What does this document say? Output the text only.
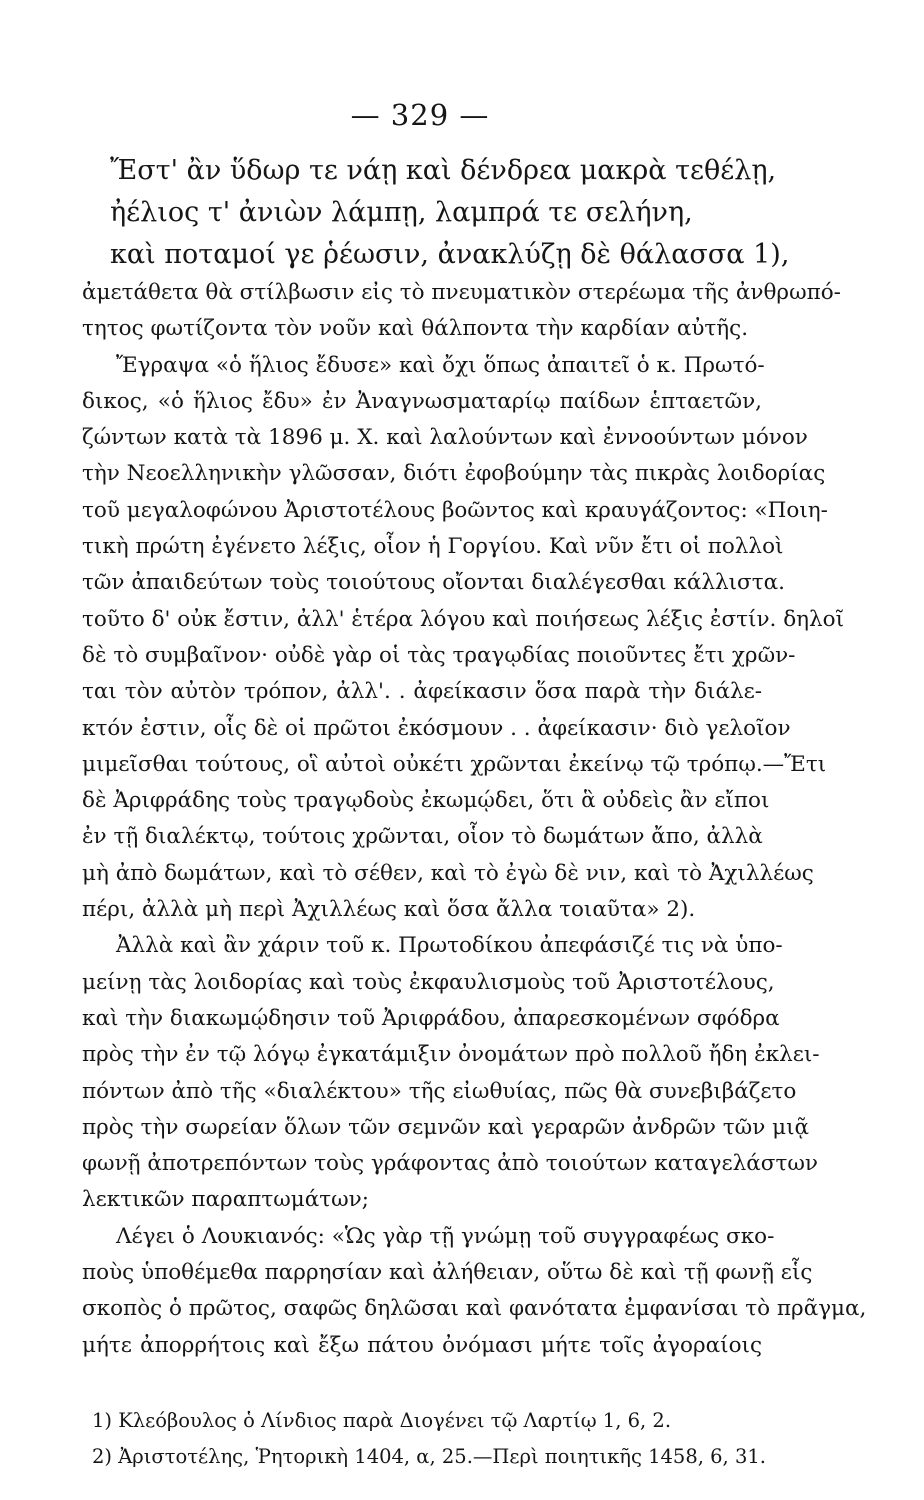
— 329 —
Ἔστ' ἂν ὕδωρ τε νάῃ καὶ δένδρεα μακρὰ τεθέλῃ,
ἠέλιος τ' ἀνιὼν λάμπῃ, λαμπρά τε σελήνη,
καὶ ποταμοί γε ῥέωσιν, ἀνακλύζῃ δὲ θάλασσα 1),
ἀμετάθετα θὰ στίλβωσιν εἰς τὸ πνευματικὸν στερέωμα τῆς ἀνθρωπό-
τητος φωτίζοντα τὸν νοῦν καὶ θάλποντα τὴν καρδίαν αὐτῆς.
Ἔγραψα «ὁ ἥλιος ἔδυσε» καὶ ὄχι ὅπως ἀπαιτεῖ ὁ κ. Πρωτό-
δικος, «ὁ ἥλιος ἔδυ» ἐν Ἀναγνωσματαρίῳ παίδων ἑπταετῶν,
ζώντων κατὰ τὰ 1896 μ. Χ. καὶ λαλούντων καὶ ἐννοούντων μόνον
τὴν Νεοελληνικὴν γλῶσσαν, διότι ἐφοβούμην τὰς πικρὰς λοιδορίας
τοῦ μεγαλοφώνου Ἀριστοτέλους βοῶντος καὶ κραυγάζοντος: «Ποιη-
τικὴ πρώτη ἐγένετο λέξις, οἷον ἡ Γοργίου. Καὶ νῦν ἔτι οἱ πολλοὶ
τῶν ἀπαιδεύτων τοὺς τοιούτους οἴονται διαλέγεσθαι κάλλιστα.
τοῦτο δ' οὐκ ἔστιν, ἀλλ' ἑτέρα λόγου καὶ ποιήσεως λέξις ἐστίν. δηλοῖ
δὲ τὸ συμβαῖνον· οὐδὲ γὰρ οἱ τὰς τραγῳδίας ποιοῦντες ἔτι χρῶν-
ται τὸν αὐτὸν τρόπον, ἀλλ'. . ἀφείκασιν ὅσα παρὰ τὴν διάλε-
κτόν ἐστιν, οἷς δὲ οἱ πρῶτοι ἐκόσμουν . . ἀφείκασιν· διὸ γελοῖον
μιμεῖσθαι τούτους, οἳ αὐτοὶ οὐκέτι χρῶνται ἐκείνῳ τῷ τρόπῳ.—Ἔτι
δὲ Ἀριφράδης τοὺς τραγῳδοὺς ἐκωμῴδει, ὅτι ἃ οὐδεὶς ἂν εἴποι
ἐν τῇ διαλέκτῳ, τούτοις χρῶνται, οἷον τὸ δωμάτων ἄπο, ἀλλὰ
μὴ ἀπὸ δωμάτων, καὶ τὸ σέθεν, καὶ τὸ ἐγὼ δὲ νιν, καὶ τὸ Ἀχιλλέως
πέρι, ἀλλὰ μὴ περὶ Ἀχιλλέως καὶ ὅσα ἄλλα τοιαῦτα» 2).
Ἀλλὰ καὶ ἂν χάριν τοῦ κ. Πρωτοδίκου ἀπεφάσιζέ τις νὰ ὑπο-
μείνῃ τὰς λοιδορίας καὶ τοὺς ἐκφαυλισμοὺς τοῦ Ἀριστοτέλους,
καὶ τὴν διακωμῴδησιν τοῦ Ἀριφράδου, ἀπαρεσκομένων σφόδρα
πρὸς τὴν ἐν τῷ λόγῳ ἐγκατάμιξιν ὀνομάτων πρὸ πολλοῦ ἤδη ἐκλει-
πόντων ἀπὸ τῆς «διαλέκτου» τῆς εἰωθυίας, πῶς θὰ συνεβιβάζετο
πρὸς τὴν σωρείαν ὅλων τῶν σεμνῶν καὶ γεραρῶν ἀνδρῶν τῶν μιᾷ
φωνῇ ἀποτρεπόντων τοὺς γράφοντας ἀπὸ τοιούτων καταγελάστων
λεκτικῶν παραπτωμάτων;
Λέγει ὁ Λουκιανός: «Ὡς γὰρ τῇ γνώμῃ τοῦ συγγραφέως σκο-
ποὺς ὑποθέμεθα παρρησίαν καὶ ἀλήθειαν, οὕτω δὲ καὶ τῇ φωνῇ εἷς
σκοπὸς ὁ πρῶτος, σαφῶς δηλῶσαι καὶ φανότατα ἐμφανίσαι τὸ πρᾶγμα,
μήτε ἀπορρήτοις καὶ ἔξω πάτου ὀνόμασι μήτε τοῖς ἀγοραίοις
1) Κλεόβουλος ὁ Λίνδιος παρὰ Διογένει τῷ Λαρτίῳ 1, 6, 2.
2) Ἀριστοτέλης, Ῥητορικὴ 1404, α, 25.—Περὶ ποιητικῆς 1458, 6, 31.
